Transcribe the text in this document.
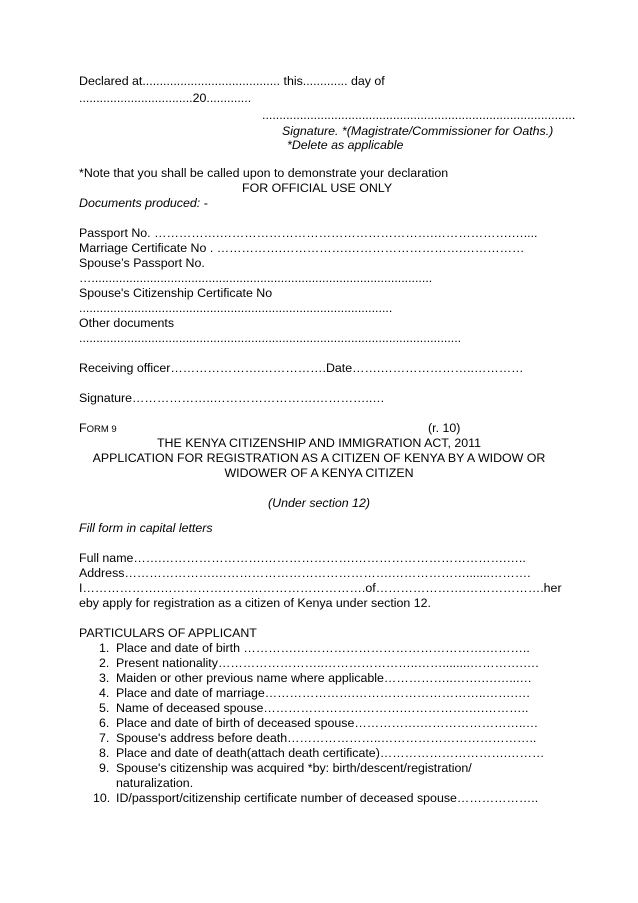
Declared at........................................ this............. day of
.................................20.............
...........................................................................................
Signature. *(Magistrate/Commissioner for Oaths.)
*Delete as applicable
*Note that you shall be called upon to demonstrate your declaration
FOR OFFICIAL USE ONLY
Documents produced: -
Passport No. …………….…………………………………………….……………….…....
Marriage Certificate No . …………….…………….……………………….……………
Spouse’s Passport No.
…...................................................................................................
Spouse's Citizenship Certificate No
...........................................................................................
Other documents
...............................................................................................................
Receiving officer………………….…………….Date…….…………………..…………
Signature………………..…………………….…………..…
FORM 9	(r. 10)
THE KENYA CITIZENSHIP AND IMMIGRATION ACT, 2011
APPLICATION FOR REGISTRATION AS A CITIZEN OF KENYA BY A WIDOW OR
WIDOWER OF A KENYA CITIZEN
(Under section 12)
Fill form in capital letters
Full name…….…………………….………………….……………………………….…..
Address………………….…………………………………….……………….......……….
I……………….………………….……………………….of………………….……………….her
eby apply for registration as a citizen of Kenya under section 12.
PARTICULARS OF APPLICANT
1. Place and date of birth ………….……………………………………….………..
2. Present nationality……………………..…………………..……........………….….
3. Maiden or other previous name where applicable……………..…….….…...…
4. Place and date of marriage………………….…………………………..…….….
5. Name of deceased spouse…………………………….…………….….………..
6. Place and date of birth of deceased spouse…………….……………………..…
7. Spouse's address before death…………………..………………………………..
8. Place and date of death(attach death certificate)………………………….………
9. Spouse's citizenship was acquired *by: birth/descent/registration/
naturalization.
10. ID/passport/citizenship certificate number of deceased spouse………………..
